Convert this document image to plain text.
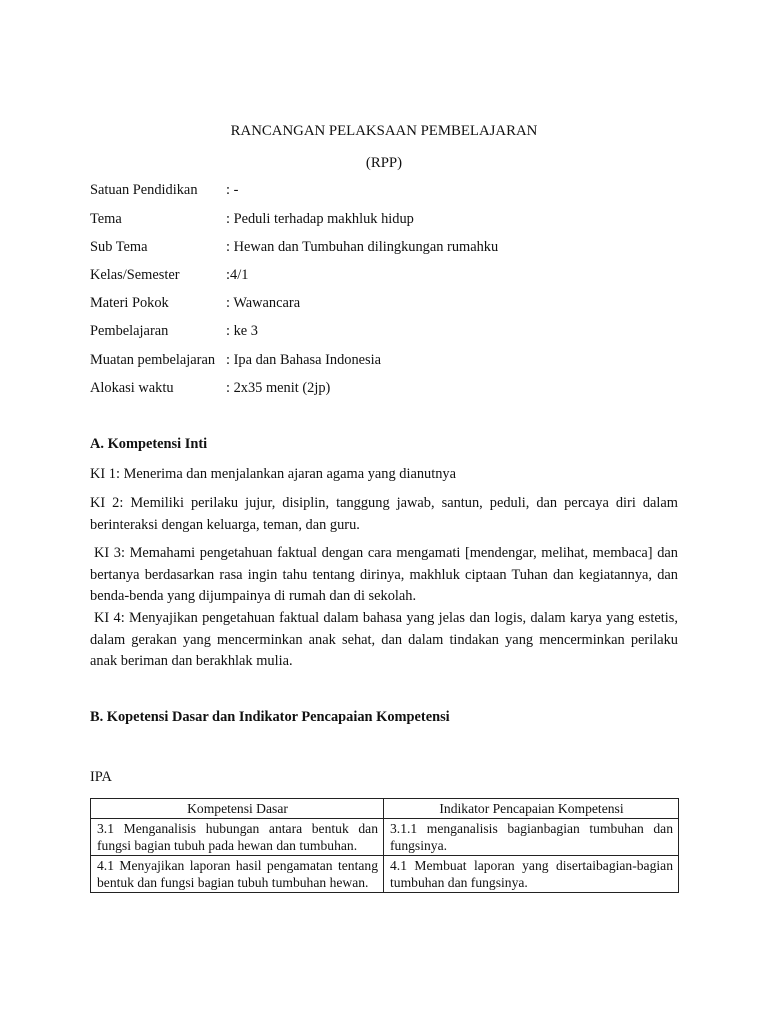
RANCANGAN PELAKSAAN PEMBELAJARAN
(RPP)
Satuan Pendidikan : -
Tema	: Peduli terhadap makhluk hidup
Sub Tema	: Hewan dan Tumbuhan dilingkungan rumahku
Kelas/Semester	:4/1
Materi Pokok	: Wawancara
Pembelajaran	: ke 3
Muatan pembelajaran : Ipa dan Bahasa Indonesia
Alokasi waktu	: 2x35 menit (2jp)
A. Kompetensi Inti
KI 1: Menerima dan menjalankan ajaran agama yang dianutnya
KI 2: Memiliki perilaku jujur, disiplin, tanggung jawab, santun, peduli, dan percaya diri dalam berinteraksi dengan keluarga, teman, dan guru.
KI 3: Memahami pengetahuan faktual dengan cara mengamati [mendengar, melihat, membaca] dan bertanya berdasarkan rasa ingin tahu tentang dirinya, makhluk ciptaan Tuhan dan kegiatannya, dan benda-benda yang dijumpainya di rumah dan di sekolah.
KI 4: Menyajikan pengetahuan faktual dalam bahasa yang jelas dan logis, dalam karya yang estetis, dalam gerakan yang mencerminkan anak sehat, dan dalam tindakan yang mencerminkan perilaku anak beriman dan berakhlak mulia.
B. Kopetensi Dasar dan Indikator Pencapaian Kompetensi
IPA
Kompetensi Dasar	Indikator Pencapaian Kompetensi
3.1 Menganalisis hubungan antara bentuk dan fungsi bagian tubuh pada hewan dan tumbuhan.	3.1.1 menganalisis bagianbagian tumbuhan dan fungsinya.
4.1 Menyajikan laporan hasil pengamatan tentang bentuk dan fungsi bagian tubuh tumbuhan hewan.	4.1 Membuat laporan yang disertaibagian-bagian tumbuhan dan fungsinya.
